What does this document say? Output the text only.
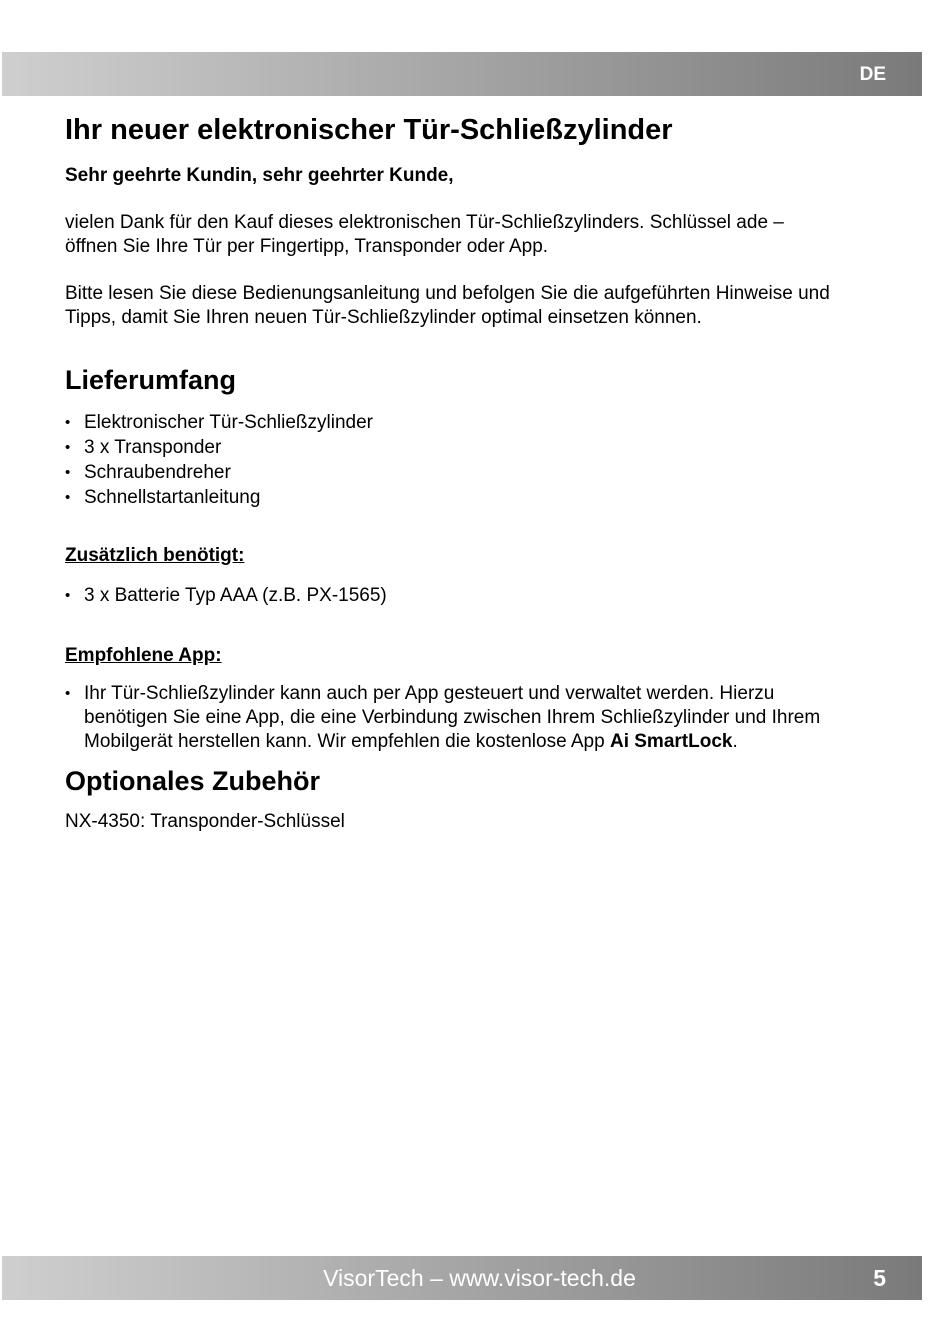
DE
Ihr neuer elektronischer Tür-Schließzylinder

Sehr geehrte Kundin, sehr geehrter Kunde,

vielen Dank für den Kauf dieses elektronischen Tür-Schließzylinders. Schlüssel ade –
öffnen Sie Ihre Tür per Fingertipp, Transponder oder App.

Bitte lesen Sie diese Bedienungsanleitung und befolgen Sie die aufgeführten Hinweise und
Tipps, damit Sie Ihren neuen Tür-Schließzylinder optimal einsetzen können.

Lieferumfang
• Elektronischer Tür-Schließzylinder
• 3 x Transponder
• Schraubendreher
• Schnellstartanleitung
Zusätzlich benötigt:
• 3 x Batterie Typ AAA (z.B. PX-1565)
Empfohlene App:
• Ihr Tür-Schließzylinder kann auch per App gesteuert und verwaltet werden. Hierzu
benötigen Sie eine App, die eine Verbindung zwischen Ihrem Schließzylinder und Ihrem
Mobilgerät herstellen kann. Wir empfehlen die kostenlose App Ai SmartLock.
Optionales Zubehör

NX-4350: Transponder-Schlüssel

VisorTech – www.visor-tech.de	5
